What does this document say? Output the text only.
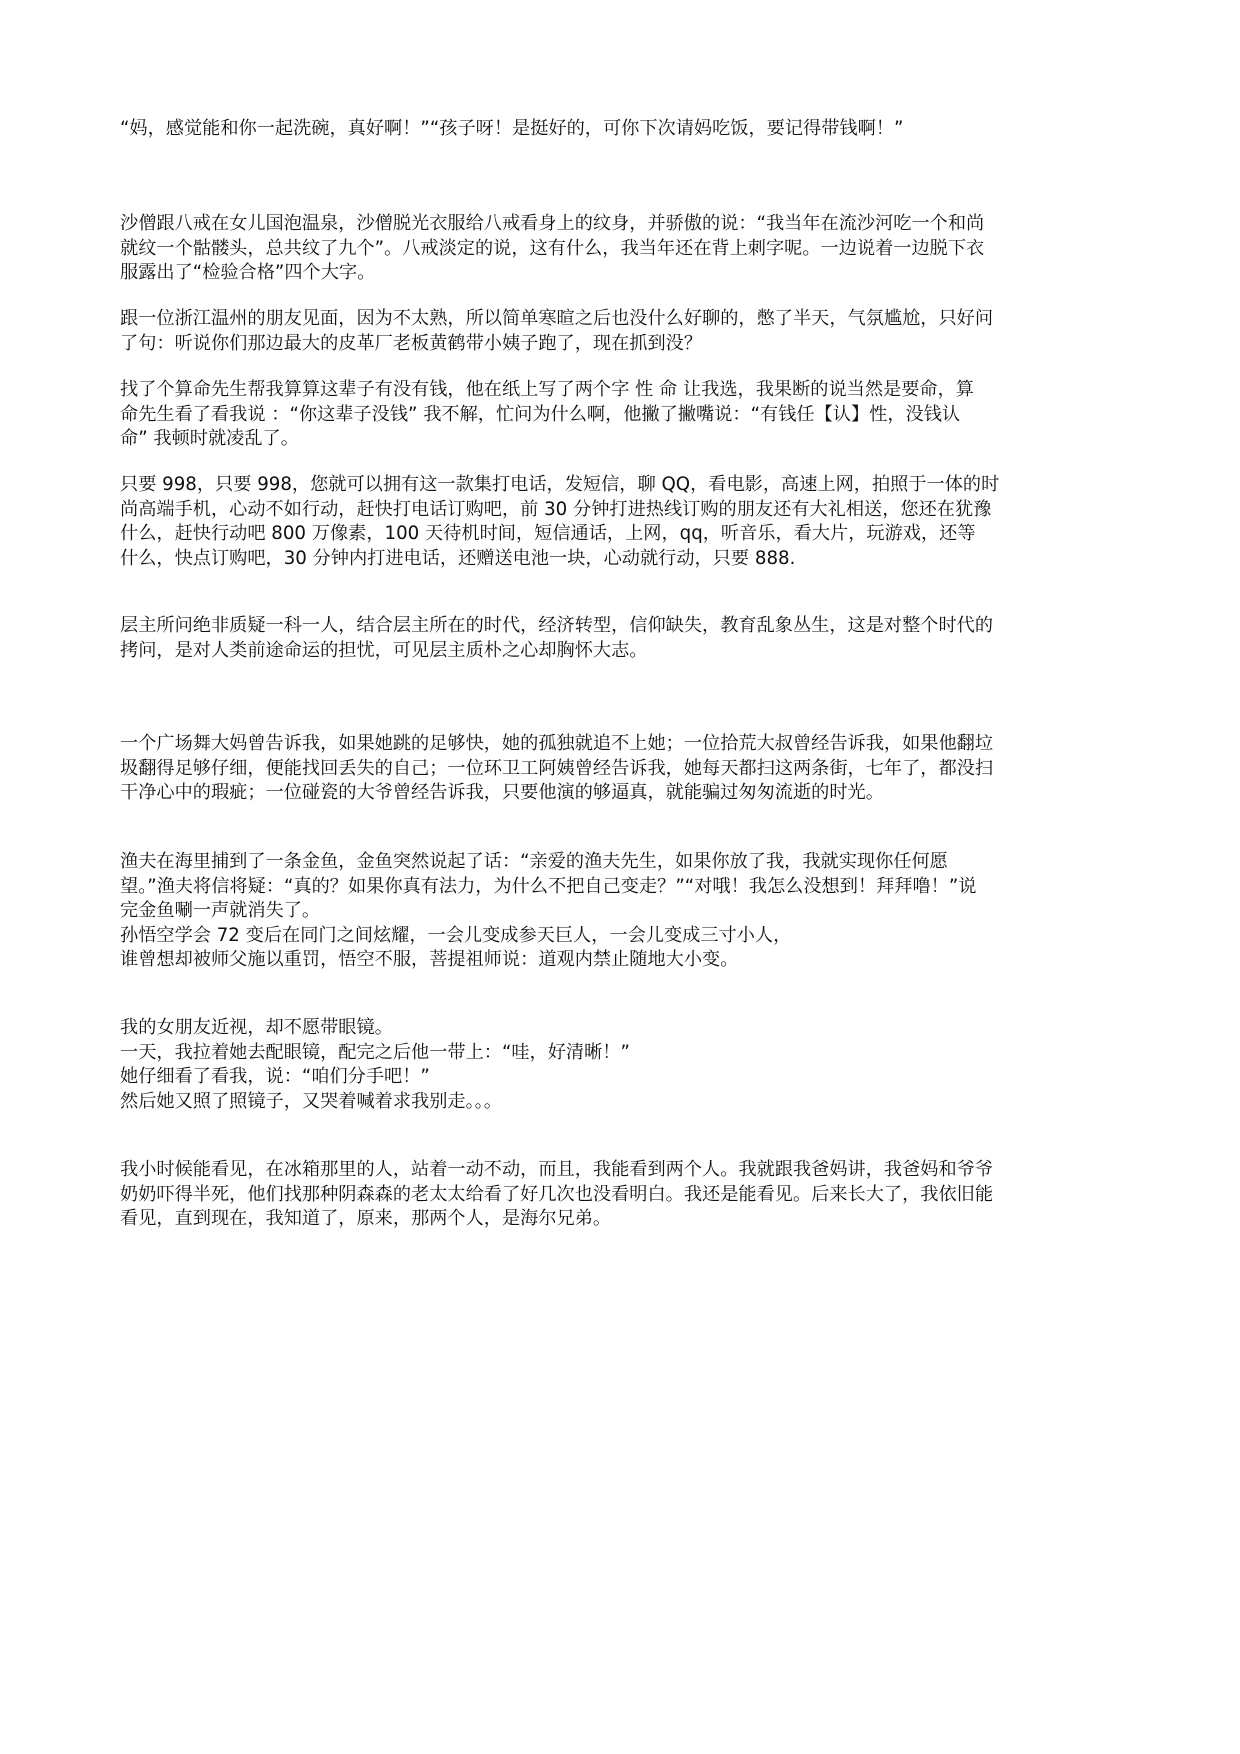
“妈，感觉能和你一起洗碗，真好啊！”“孩子呀！是挺好的，可你下次请妈吃饭，要记得带钱啊！”

沙僧跟八戒在女儿国泡温泉，沙僧脱光衣服给八戒看身上的纹身，并骄傲的说：“我当年在流沙河吃一个和尚
就纹一个骷髅头，总共纹了九个”。八戒淡定的说，这有什么，我当年还在背上刺字呢。一边说着一边脱下衣
服露出了“检验合格”四个大字。

跟一位浙江温州的朋友见面，因为不太熟，所以简单寒暄之后也没什么好聊的，憋了半天，气氛尴尬，只好问
了句：听说你们那边最大的皮革厂老板黄鹤带小姨子跑了，现在抓到没？

找了个算命先生帮我算算这辈子有没有钱，他在纸上写了两个字 性 命 让我选，我果断的说当然是要命，算
命先生看了看我说 ：“你这辈子没钱” 我不解，忙问为什么啊，他撇了撇嘴说：“有钱任【认】性，没钱认
命” 我顿时就凌乱了。

只要 998，只要 998，您就可以拥有这一款集打电话，发短信，聊 QQ，看电影，高速上网，拍照于一体的时
尚高端手机，心动不如行动，赶快打电话订购吧，前 30 分钟打进热线订购的朋友还有大礼相送，您还在犹豫
什么，赶快行动吧 800 万像素，100 天待机时间，短信通话，上网，qq，听音乐，看大片，玩游戏，还等
什么，快点订购吧，30 分钟内打进电话，还赠送电池一块，心动就行动，只要 888.

层主所问绝非质疑一科一人，结合层主所在的时代，经济转型，信仰缺失，教育乱象丛生，这是对整个时代的
拷问，是对人类前途命运的担忧，可见层主质朴之心却胸怀大志。

一个广场舞大妈曾告诉我，如果她跳的足够快，她的孤独就追不上她；一位拾荒大叔曾经告诉我，如果他翻垃
圾翻得足够仔细，便能找回丢失的自己；一位环卫工阿姨曾经告诉我，她每天都扫这两条街，七年了，都没扫
干净心中的瑕疵；一位碰瓷的大爷曾经告诉我，只要他演的够逼真，就能骗过匆匆流逝的时光。

渔夫在海里捕到了一条金鱼，金鱼突然说起了话：“亲爱的渔夫先生，如果你放了我，我就实现你任何愿
望。”渔夫将信将疑：“真的？如果你真有法力，为什么不把自己变走？”“对哦！我怎么没想到！拜拜噜！”说
完金鱼唰一声就消失了。
孙悟空学会 72 变后在同门之间炫耀，一会儿变成参天巨人，一会儿变成三寸小人，
谁曾想却被师父施以重罚，悟空不服，菩提祖师说：道观内禁止随地大小变。

我的女朋友近视，却不愿带眼镜。
一天，我拉着她去配眼镜，配完之后他一带上：“哇，好清晰！”
她仔细看了看我，说：“咱们分手吧！”
然后她又照了照镜子，又哭着喊着求我别走。。。

我小时候能看见，在冰箱那里的人，站着一动不动，而且，我能看到两个人。我就跟我爸妈讲，我爸妈和爷爷
奶奶吓得半死，他们找那种阴森森的老太太给看了好几次也没看明白。我还是能看见。后来长大了，我依旧能
看见，直到现在，我知道了，原来，那两个人，是海尔兄弟。
